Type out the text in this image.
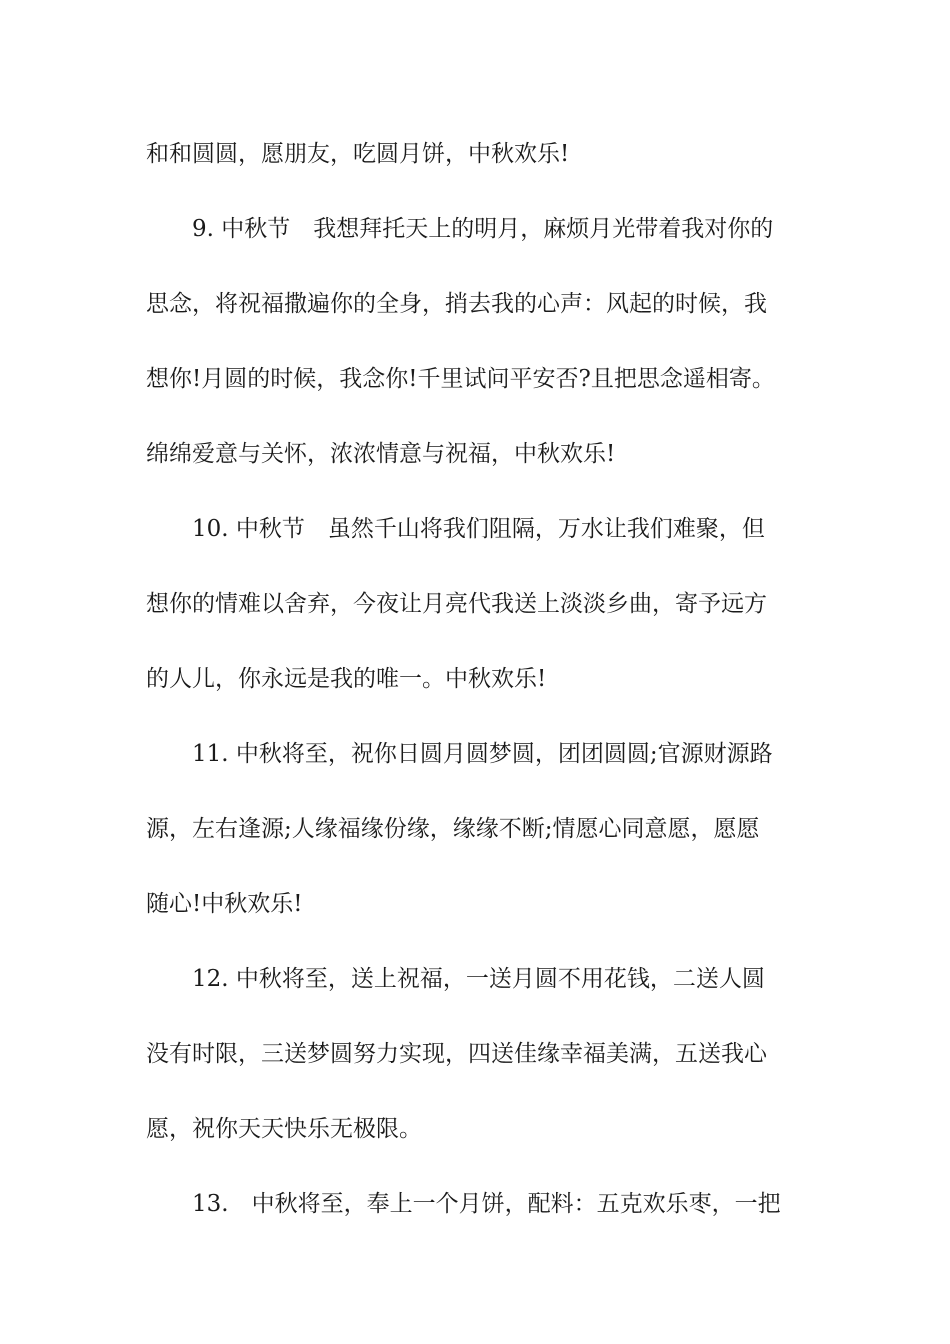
和和圆圆，愿朋友，吃圆月饼，中秋欢乐!
9. 中秋节　我想拜托天上的明月，麻烦月光带着我对你的
思念，将祝福撒遍你的全身，捎去我的心声：风起的时候，我
想你!月圆的时候，我念你!千里试问平安否?且把思念遥相寄。
绵绵爱意与关怀，浓浓情意与祝福，中秋欢乐!
10. 中秋节　虽然千山将我们阻隔，万水让我们难聚，但
想你的情难以舍弃，今夜让月亮代我送上淡淡乡曲，寄予远方
的人儿，你永远是我的唯一。中秋欢乐!
11. 中秋将至，祝你日圆月圆梦圆，团团圆圆;官源财源路
源，左右逢源;人缘福缘份缘，缘缘不断;情愿心同意愿，愿愿
随心!中秋欢乐!
12. 中秋将至，送上祝福，一送月圆不用花钱，二送人圆
没有时限，三送梦圆努力实现，四送佳缘幸福美满，五送我心
愿，祝你天天快乐无极限。
13.　中秋将至，奉上一个月饼，配料：五克欢乐枣，一把
